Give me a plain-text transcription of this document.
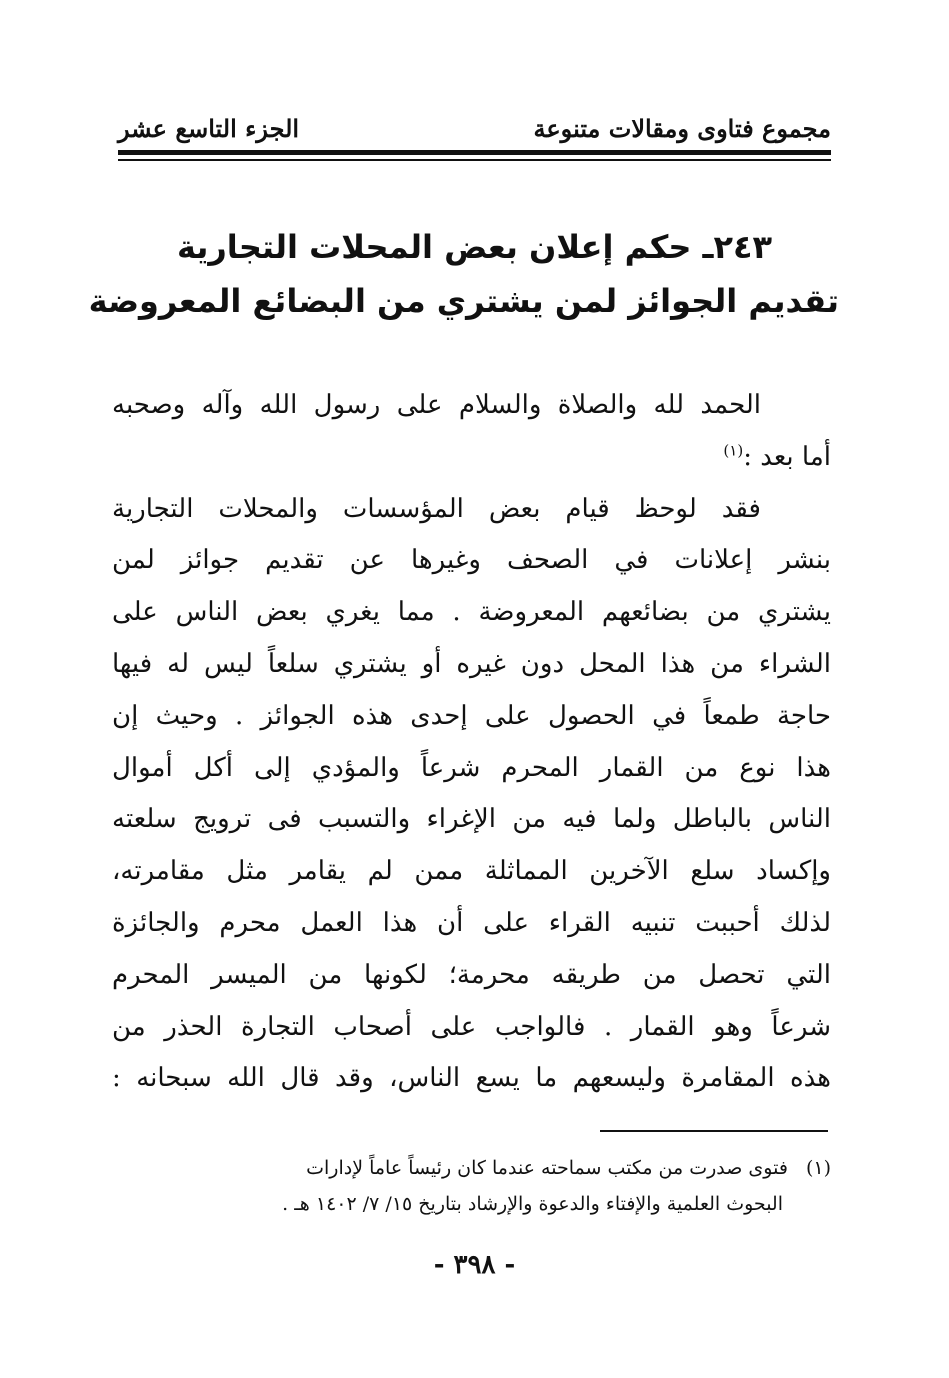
مجموع فتاوى ومقالات متنوعة
الجزء التاسع عشر
٢٤٣ـ حكم إعلان بعض المحلات التجارية
تقديم الجوائز لمن يشتري من البضائع المعروضة
الحمد لله والصلاة والسلام على رسول الله وآله وصحبه
أما بعد :$^{(١)}$
فقد لوحظ قيام بعض المؤسسات والمحلات التجارية
بنشر إعلانات في الصحف وغيرها عن تقديم جوائز لمن
يشتري من بضائعهم المعروضة . مما يغري بعض الناس على
الشراء من هذا المحل دون غيره أو يشتري سلعاً ليس له فيها
حاجة طمعاً في الحصول على إحدى هذه الجوائز . وحيث إن
هذا نوع من القمار المحرم شرعاً والمؤدي إلى أكل أموال
الناس بالباطل ولما فيه من الإغراء والتسبب فى ترويج سلعته
وإكساد سلع الآخرين المماثلة ممن لم يقامر مثل مقامرته،
لذلك أحببت تنبيه القراء على أن هذا العمل محرم والجائزة
التي تحصل من طريقه محرمة؛ لكونها من الميسر المحرم
شرعاً وهو القمار . فالواجب على أصحاب التجارة الحذر من
هذه المقامرة وليسعهم ما يسع الناس، وقد قال الله سبحانه :
(١)فتوى صدرت من مكتب سماحته عندما كان رئيساً عاماً لإدارات
البحوث العلمية والإفتاء والدعوة والإرشاد بتاريخ ١٥/ ٧/ ١٤٠٢ هـ .
- ٣٩٨ -
